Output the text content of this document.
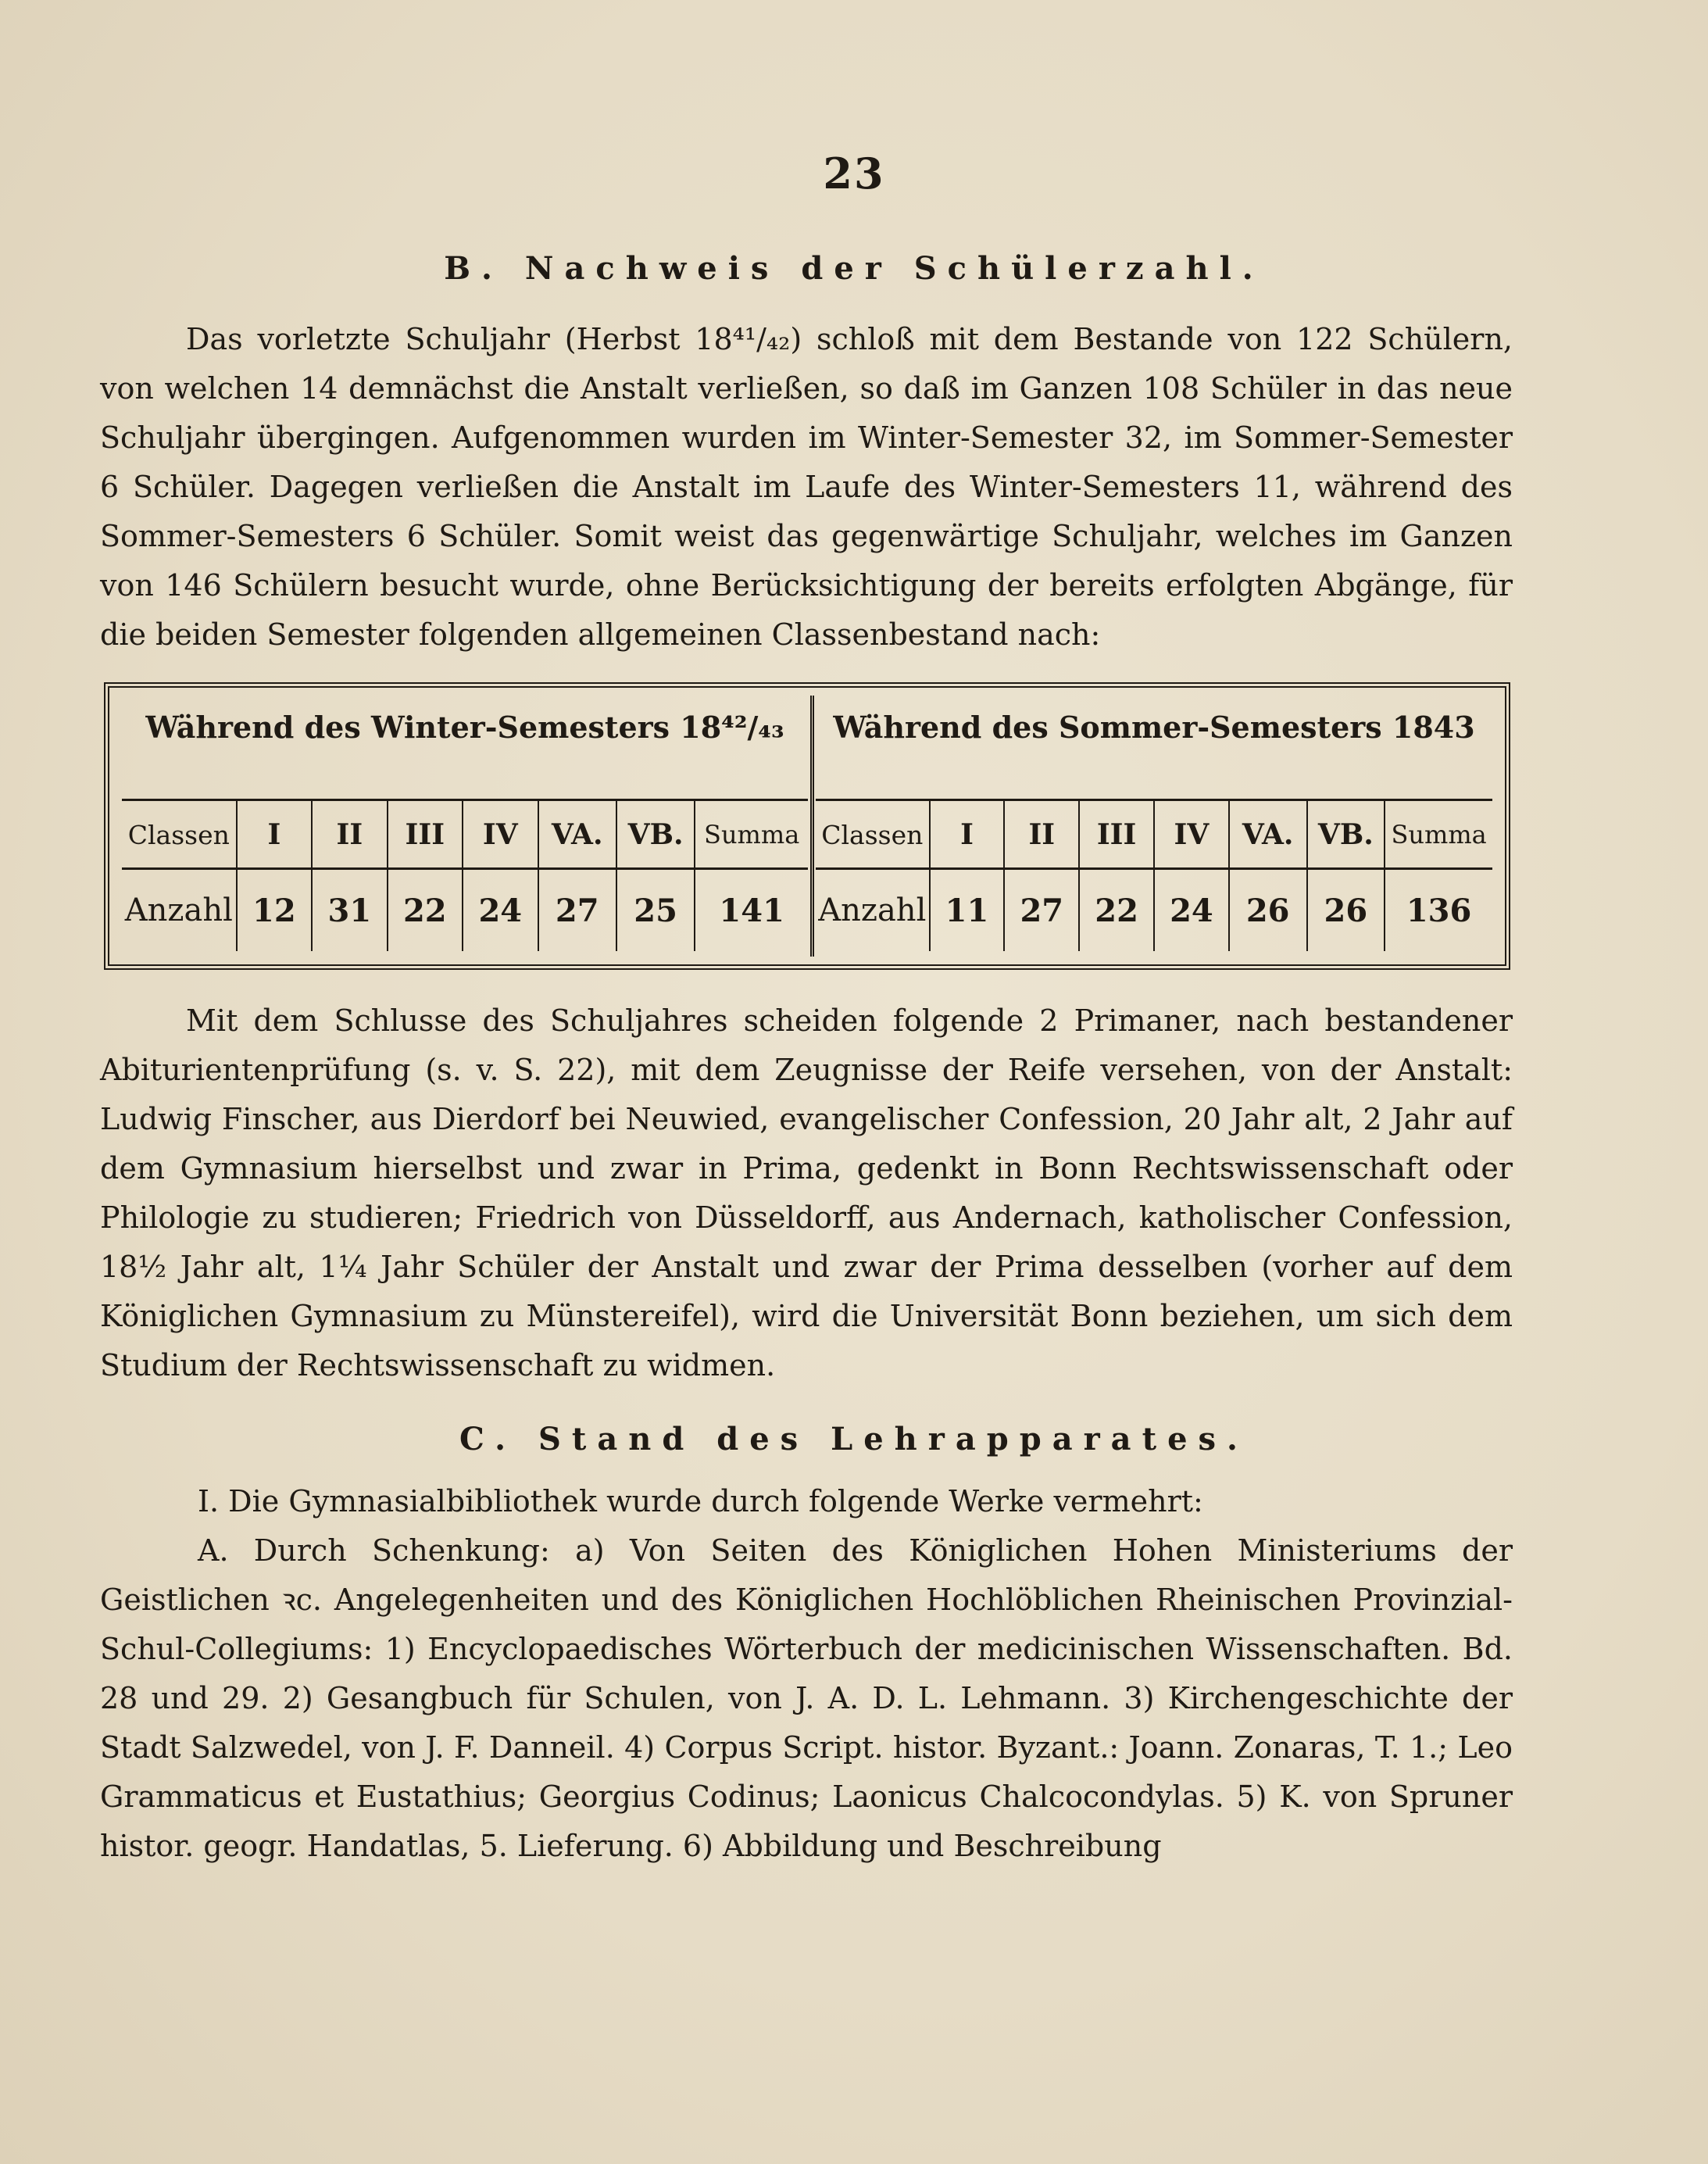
23
B. Nachweis der Schülerzahl.

Das vorletzte Schuljahr (Herbst 18⁴¹/₄₂) schloß mit dem Bestande von 122 Schülern, von welchen 14 demnächst die Anstalt verließen, so daß im Ganzen 108 Schüler in das neue Schuljahr übergingen. Aufgenommen wurden im Winter-Semester 32, im Sommer-Semester 6 Schüler. Dagegen verließen die Anstalt im Laufe des Winter-Semesters 11, während des Sommer-Semesters 6 Schüler. Somit weist das gegenwärtige Schuljahr, welches im Ganzen von 146 Schülern besucht wurde, ohne Berücksichtigung der bereits erfolgten Abgänge, für die beiden Semester folgenden allgemeinen Classenbestand nach:

Während des Winter-Semesters 18⁴²/₄₃
Classen	I	II	III	IV	VA. VB. Summa
Anzahl 12	31	22	24	27	25	141
Während des Sommer-Semesters 1843
Classen	I	II	III	IV	VA. VB. Summa
Anzahl 11	27	22	24	26	26	136

Mit dem Schlusse des Schuljahres scheiden folgende 2 Primaner, nach bestandener Abiturientenprüfung (s. v. S. 22), mit dem Zeugnisse der Reife versehen, von der Anstalt: Ludwig Finscher, aus Dierdorf bei Neuwied, evangelischer Confession, 20 Jahr alt, 2 Jahr auf dem Gymnasium hierselbst und zwar in Prima, gedenkt in Bonn Rechtswissenschaft oder Philologie zu studieren; Friedrich von Düsseldorff, aus Andernach, katholischer Confession, 18½ Jahr alt, 1¼ Jahr Schüler der Anstalt und zwar der Prima desselben (vorher auf dem Königlichen Gymnasium zu Münstereifel), wird die Universität Bonn beziehen, um sich dem Studium der Rechtswissenschaft zu widmen.

C. Stand des Lehrapparates.

I. Die Gymnasialbibliothek wurde durch folgende Werke vermehrt:

A. Durch Schenkung: a) Von Seiten des Königlichen Hohen Ministeriums der Geistlichen ꝛc. Angelegenheiten und des Königlichen Hochlöblichen Rheinischen Provinzial-Schul-Collegiums: 1) Encyclopaedisches Wörterbuch der medicinischen Wissenschaften. Bd. 28 und 29. 2) Gesangbuch für Schulen, von J. A. D. L. Lehmann. 3) Kirchengeschichte der Stadt Salzwedel, von J. F. Danneil. 4) Corpus Script. histor. Byzant.: Joann. Zonaras, T. 1.; Leo Grammaticus et Eustathius; Georgius Codinus; Laonicus Chalcocondylas. 5) K. von Spruner histor. geogr. Handatlas, 5. Lieferung. 6) Abbildung und Beschreibung
